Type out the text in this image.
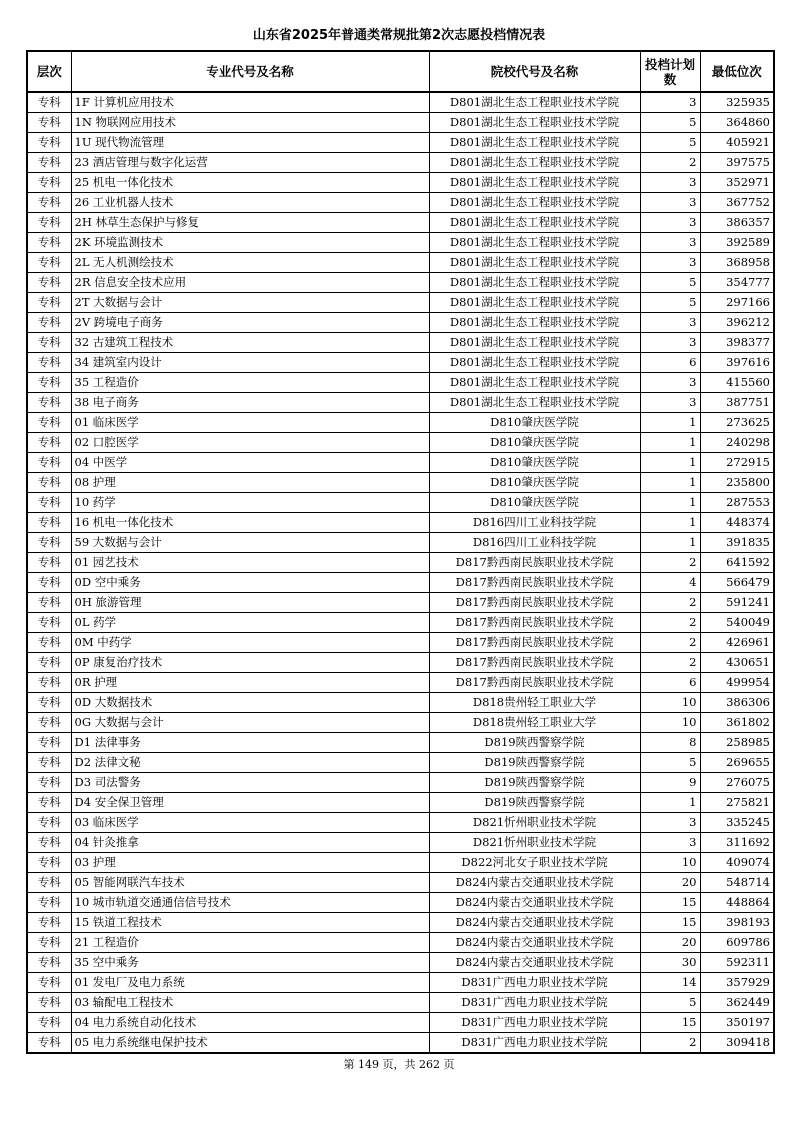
山东省2025年普通类常规批第2次志愿投档情况表
层次	专业代号及名称	院校代号及名称	投档计划数	最低位次
专科	1F 计算机应用技术	D801湖北生态工程职业技术学院	3	325935
专科	1N 物联网应用技术	D801湖北生态工程职业技术学院	5	364860
专科	1U 现代物流管理	D801湖北生态工程职业技术学院	5	405921
专科	23 酒店管理与数字化运营	D801湖北生态工程职业技术学院	2	397575
专科	25 机电一体化技术	D801湖北生态工程职业技术学院	3	352971
专科	26 工业机器人技术	D801湖北生态工程职业技术学院	3	367752
专科	2H 林草生态保护与修复	D801湖北生态工程职业技术学院	3	386357
专科	2K 环境监测技术	D801湖北生态工程职业技术学院	3	392589
专科	2L 无人机测绘技术	D801湖北生态工程职业技术学院	3	368958
专科	2R 信息安全技术应用	D801湖北生态工程职业技术学院	5	354777
专科	2T 大数据与会计	D801湖北生态工程职业技术学院	5	297166
专科	2V 跨境电子商务	D801湖北生态工程职业技术学院	3	396212
专科	32 古建筑工程技术	D801湖北生态工程职业技术学院	3	398377
专科	34 建筑室内设计	D801湖北生态工程职业技术学院	6	397616
专科	35 工程造价	D801湖北生态工程职业技术学院	3	415560
专科	38 电子商务	D801湖北生态工程职业技术学院	3	387751
专科	01 临床医学	D810肇庆医学院	1	273625
专科	02 口腔医学	D810肇庆医学院	1	240298
专科	04 中医学	D810肇庆医学院	1	272915
专科	08 护理	D810肇庆医学院	1	235800
专科	10 药学	D810肇庆医学院	1	287553
专科	16 机电一体化技术	D816四川工业科技学院	1	448374
专科	59 大数据与会计	D816四川工业科技学院	1	391835
专科	01 园艺技术	D817黔西南民族职业技术学院	2	641592
专科	0D 空中乘务	D817黔西南民族职业技术学院	4	566479
专科	0H 旅游管理	D817黔西南民族职业技术学院	2	591241
专科	0L 药学	D817黔西南民族职业技术学院	2	540049
专科	0M 中药学	D817黔西南民族职业技术学院	2	426961
专科	0P 康复治疗技术	D817黔西南民族职业技术学院	2	430651
专科	0R 护理	D817黔西南民族职业技术学院	6	499954
专科	0D 大数据技术	D818贵州轻工职业大学	10	386306
专科	0G 大数据与会计	D818贵州轻工职业大学	10	361802
专科	D1 法律事务	D819陕西警察学院	8	258985
专科	D2 法律文秘	D819陕西警察学院	5	269655
专科	D3 司法警务	D819陕西警察学院	9	276075
专科	D4 安全保卫管理	D819陕西警察学院	1	275821
专科	03 临床医学	D821忻州职业技术学院	3	335245
专科	04 针灸推拿	D821忻州职业技术学院	3	311692
专科	03 护理	D822河北女子职业技术学院	10	409074
专科	05 智能网联汽车技术	D824内蒙古交通职业技术学院	20	548714
专科	10 城市轨道交通通信信号技术	D824内蒙古交通职业技术学院	15	448864
专科	15 铁道工程技术	D824内蒙古交通职业技术学院	15	398193
专科	21 工程造价	D824内蒙古交通职业技术学院	20	609786
专科	35 空中乘务	D824内蒙古交通职业技术学院	30	592311
专科	01 发电厂及电力系统	D831广西电力职业技术学院	14	357929
专科	03 输配电工程技术	D831广西电力职业技术学院	5	362449
专科	04 电力系统自动化技术	D831广西电力职业技术学院	15	350197
专科	05 电力系统继电保护技术	D831广西电力职业技术学院	2	309418
第 149 页，共 262 页
